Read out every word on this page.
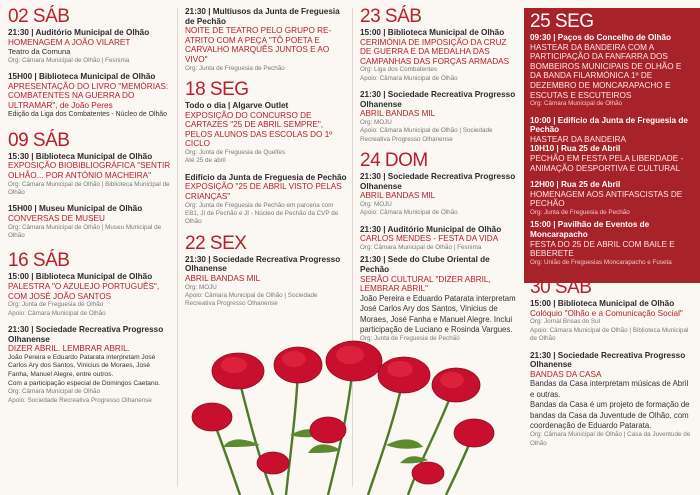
02 SÁB
21:30 | Auditório Municipal de Olhão
HOMENAGEM A JOÃO VILARET
Teatro da Comuna
Org: Câmara Municipal de Olhão | Fesnima
15H00 | Biblioteca Municipal de Olhão
APRESENTAÇÃO DO LIVRO "MEMÓRIAS: COMBATENTES NA GUERRA DO ULTRAMAR", de João Peres
Edição da Liga dos Combatentes - Núcleo de Olhão
09 SÁB
15:30 | Biblioteca Municipal de Olhão
EXPOSIÇÃO BIOBIBLIOGRÁFICA "SENTIR OLHÃO... POR ANTÓNIO MACHEIRA"
Org: Câmara Municipal de Olhão | Biblioteca Municipal de Olhão
15H00 | Museu Municipal de Olhão
CONVERSAS DE MUSEU
Org: Câmara Municipal de Olhão | Museu Municipal de Olhão
16 SÁB
15:00 | Biblioteca Municipal de Olhão
PALESTRA "O AZULEJO PORTUGUÊS", COM JOSÉ JOÃO SANTOS
Org: Junta de Freguesia de Olhão
Apoio: Câmara Municipal de Olhão
21:30 | Sociedade Recreativa Progresso Olhanense
DIZER ABRIL. LEMBRAR ABRIL.
João Pereira e Eduardo Patarata interpretam José Carlos Ary dos Santos, Vinicius de Moraes, José Fanha, Manuel Alegre, entre outros.
Com a participação especial de Domingos Caetano.
Org: Câmara Municipal de Olhão
Apoio: Sociedade Recreativa Progresso Olhanense
21:30 | Multiusos da Junta de Freguesia de Pechão
NOITE DE TEATRO PELO GRUPO RE-ATRITO COM A PEÇA "TÔ POETA E CARVALHO MARQUÊS JUNTOS E AO VIVO"
Org: Junta de Freguesia de Pechão
18 SEG
Todo o dia | Algarve Outlet
EXPOSIÇÃO DO CONCURSO DE CARTAZES "25 DE ABRIL SEMPRE", PELOS ALUNOS DAS ESCOLAS DO 1º CICLO
Org: Junta de Freguesia de Quelfes
Até 25 de abril
Edifício da Junta de Freguesia de Pechão
EXPOSIÇÃO "25 DE ABRIL VISTO PELAS CRIANÇAS"
Org: Junta de Freguesia de Pechão em parceria com EB1, JI de Pechão e JI - Núcleo de Pechão da CVP de Olhão
22 SEX
21:30 | Sociedade Recreativa Progresso Olhanense
ABRIL BANDAS MIL
Org: MOJU
Apoio: Câmara Municipal de Olhão | Sociedade Recreativa Progresso Olhanense
23 SÁB
15:00 | Biblioteca Municipal de Olhão
CERIMÓNIA DE IMPOSIÇÃO DA CRUZ DE GUERRA E DA MEDALHA DAS CAMPANHAS DAS FORÇAS ARMADAS
Org: Liga dos Combatentes
Apoio: Câmara Municipal de Olhão
21:30 | Sociedade Recreativa Progresso Olhanense
ABRIL BANDAS MIL
Org: MOJU
Apoio: Câmara Municipal de Olhão | Sociedade Recreativa Progresso Olhanense
24 DOM
21:30 | Sociedade Recreativa Progresso Olhanense
ABRIL BANDAS MIL
Org: MOJU
Apoio: Câmara Municipal de Olhão
21:30 | Auditório Municipal de Olhão
CARLOS MENDES - FESTA DA VIDA
Org: Câmara Municipal de Olhão | Fesnima
21:30 | Sede do Clube Oriental de Pechão
SERÃO CULTURAL "DIZER ABRIL, LEMBRAR ABRIL"
João Pereira e Eduardo Patarata interpretam José Carlos Ary dos Santos, Vinicius de Moraes, José Fanha e Manuel Alegre. Inclui participação de Luciano e Rosinda Vargues.
Org: Junta de Freguesia de Pechão
25 SEG
09:30 | Paços do Concelho de Olhão
HASTEAR DA BANDEIRA COM A PARTICIPAÇÃO DA FANFARRA DOS BOMBEIROS MUNICIPAIS DE OLHÃO E DA BANDA FILARMÓNICA 1º DE DEZEMBRO DE MONCARAPACHO E ESCUTAS E ESCUTEIROS
Org: Câmara Municipal de Olhão
10:00 | Edifício da Junta de Freguesia de Pechão
HASTEAR DA BANDEIRA
10H10 | Rua 25 de Abril
PECHÃO EM FESTA PELA LIBERDADE - ANIMAÇÃO DESPORTIVA E CULTURAL
12H00 | Rua 25 de Abril
HOMENAGEM AOS ANTIFASCISTAS DE PECHÃO
Org: Junta de Freguesia de Pechão
15:00 | Pavilhão de Eventos de Moncarapacho
FESTA DO 25 DE ABRIL COM BAILE E BEBERETE
Org: União de Freguesias Moncarapacho e Fuseta
30 SÁB
15:00 | Biblioteca Municipal de Olhão
Colóquio "Olhão e a Comunicação Social"
Org: Jornal Brisas do Sul
Apoio: Câmara Municipal de Olhão | Biblioteca Municipal de Olhão
21:30 | Sociedade Recreativa Progresso Olhanense
BANDAS DA CASA
Bandas da Casa interpretam músicas de Abril e outras.
Bandas da Casa é um projeto de formação de bandas da Casa da Juventude de Olhão, com coordenação de Eduardo Patarata.
Org: Câmara Municipal de Olhão | Casa da Juventude de Olhão
